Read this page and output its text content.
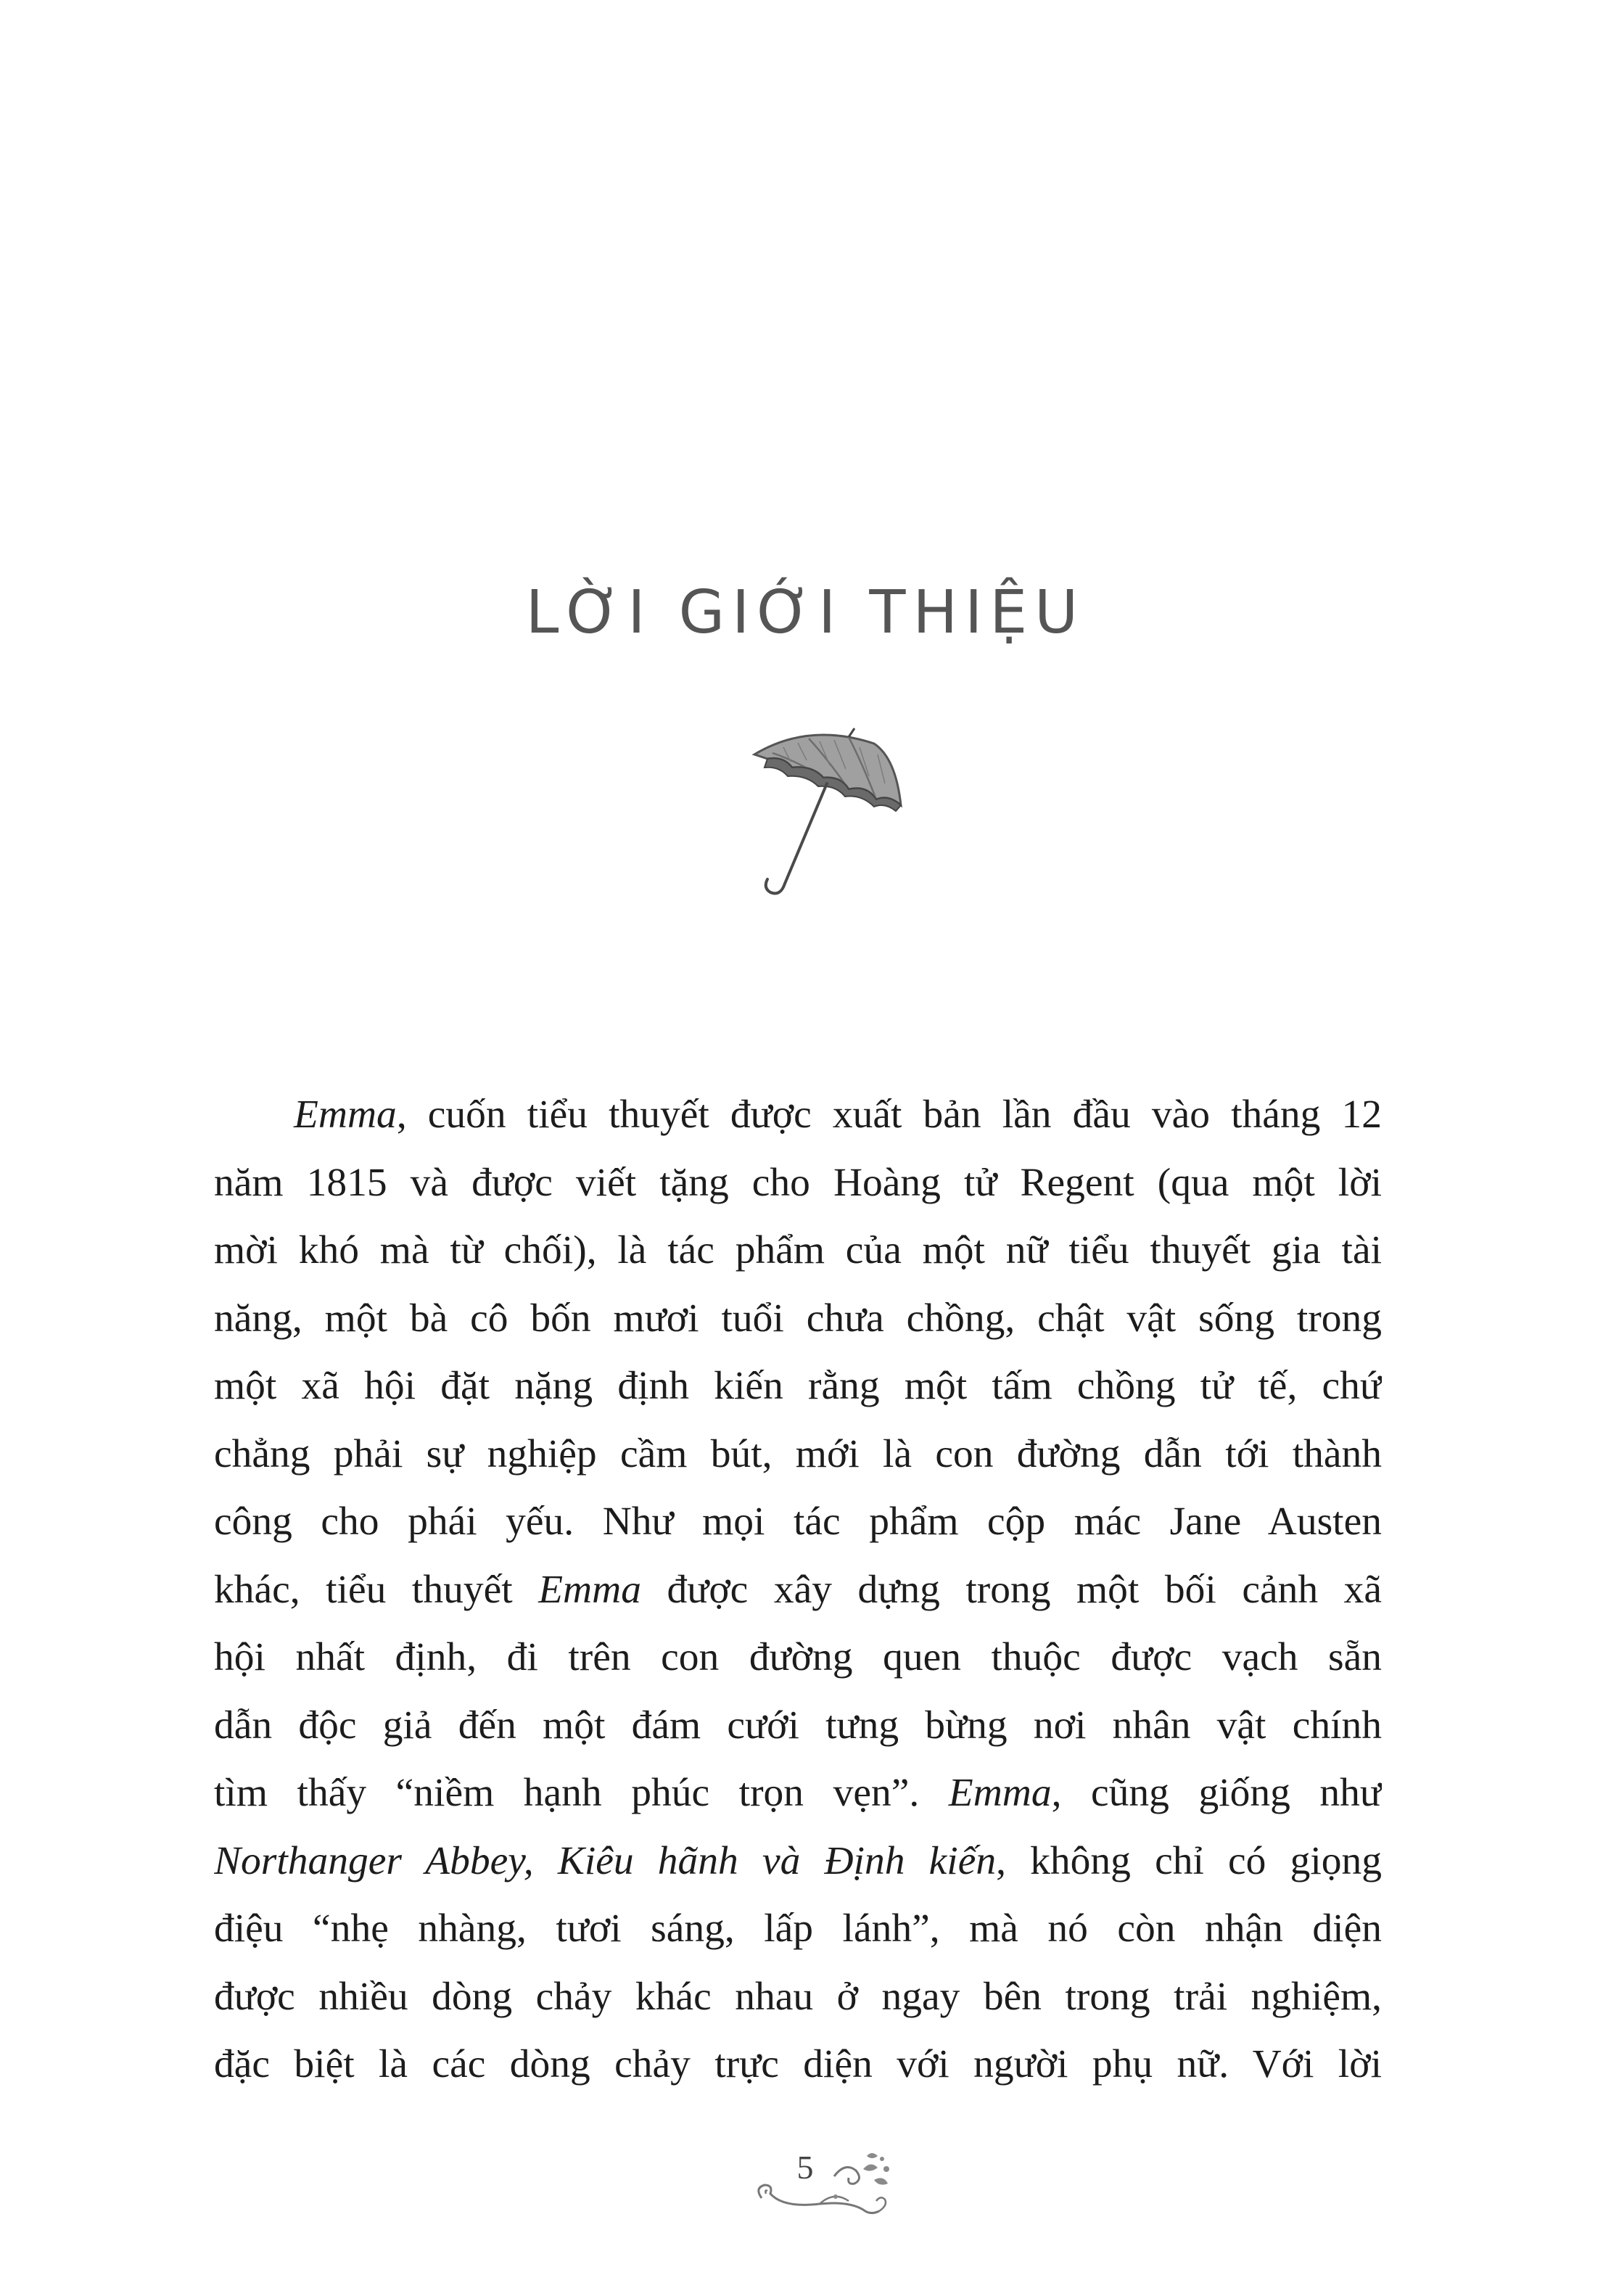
LỜI GIỚI THIỆU
Emma, cuốn tiểu thuyết được xuất bản lần đầu vào tháng 12
năm 1815 và được viết tặng cho Hoàng tử Regent (qua một lời
mời khó mà từ chối), là tác phẩm của một nữ tiểu thuyết gia tài
năng, một bà cô bốn mươi tuổi chưa chồng, chật vật sống trong
một xã hội đặt nặng định kiến rằng một tấm chồng tử tế, chứ
chẳng phải sự nghiệp cầm bút, mới là con đường dẫn tới thành
công cho phái yếu. Như mọi tác phẩm cộp mác Jane Austen
khác, tiểu thuyết Emma được xây dựng trong một bối cảnh xã
hội nhất định, đi trên con đường quen thuộc được vạch sẵn
dẫn độc giả đến một đám cưới tưng bừng nơi nhân vật chính
tìm thấy “niềm hạnh phúc trọn vẹn”. Emma, cũng giống như
Northanger Abbey, Kiêu hãnh và Định kiến, không chỉ có giọng
điệu “nhẹ nhàng, tươi sáng, lấp lánh”, mà nó còn nhận diện
được nhiều dòng chảy khác nhau ở ngay bên trong trải nghiệm,
đặc biệt là các dòng chảy trực diện với người phụ nữ. Với lời
5
